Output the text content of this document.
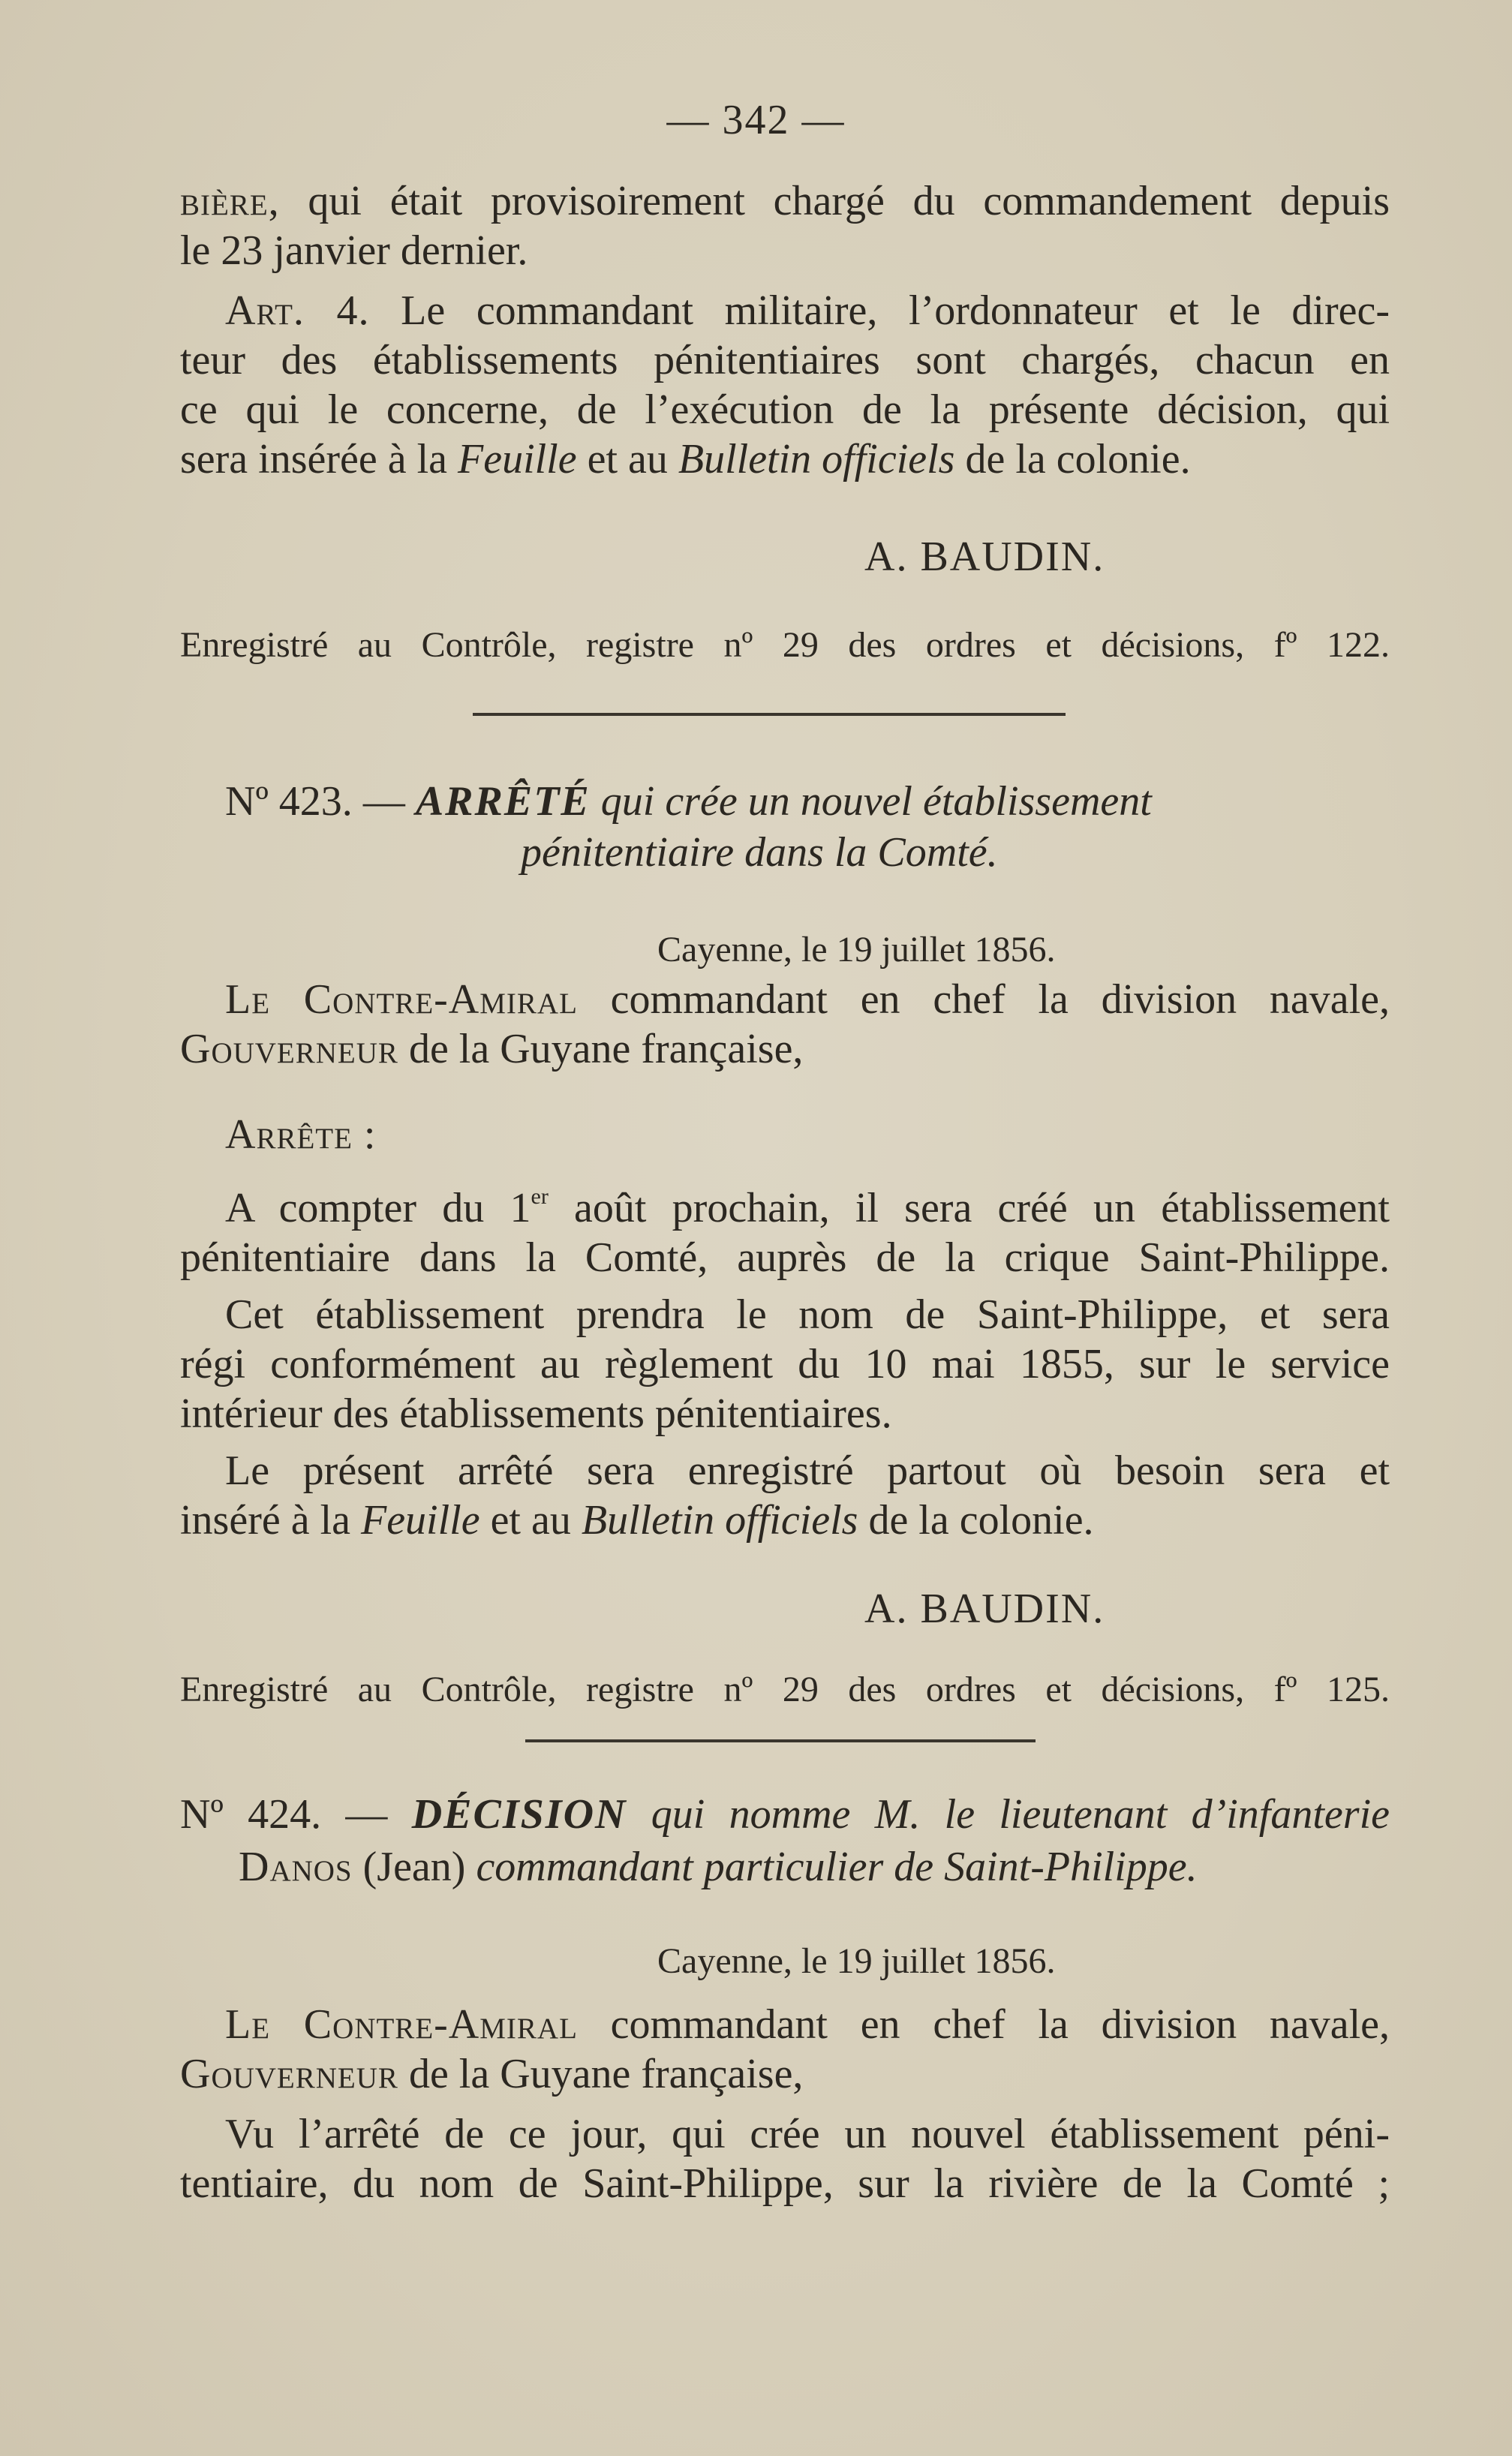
— 342 —
bière, qui était provisoirement chargé du commandement depuis
le 23 janvier dernier.
Art. 4. Le commandant militaire, l’ordonnateur et le direc-
teur des établissements pénitentiaires sont chargés, chacun en
ce qui le concerne, de l’exécution de la présente décision, qui
sera insérée à la Feuille et au Bulletin officiels de la colonie.
A. BAUDIN.
Enregistré au Contrôle, registre nº 29 des ordres et décisions, fº 122.
Nº 423. — ARRÊTÉ qui crée un nouvel établissement
pénitentiaire dans la Comté.
Cayenne, le 19 juillet 1856.
Le Contre-Amiral commandant en chef la division navale,
Gouverneur de la Guyane française,
Arrête :
A compter du 1er août prochain, il sera créé un établissement
pénitentiaire dans la Comté, auprès de la crique Saint-Philippe.
Cet établissement prendra le nom de Saint-Philippe, et sera
régi conformément au règlement du 10 mai 1855, sur le service
intérieur des établissements pénitentiaires.
Le présent arrêté sera enregistré partout où besoin sera et
inséré à la Feuille et au Bulletin officiels de la colonie.
A. BAUDIN.
Enregistré au Contrôle, registre nº 29 des ordres et décisions, fº 125.
Nº 424. — DÉCISION qui nomme M. le lieutenant d’infanterie
Danos (Jean) commandant particulier de Saint-Philippe.
Cayenne, le 19 juillet 1856.
Le Contre-Amiral commandant en chef la division navale,
Gouverneur de la Guyane française,
Vu l’arrêté de ce jour, qui crée un nouvel établissement péni-
tentiaire, du nom de Saint-Philippe, sur la rivière de la Comté ;
